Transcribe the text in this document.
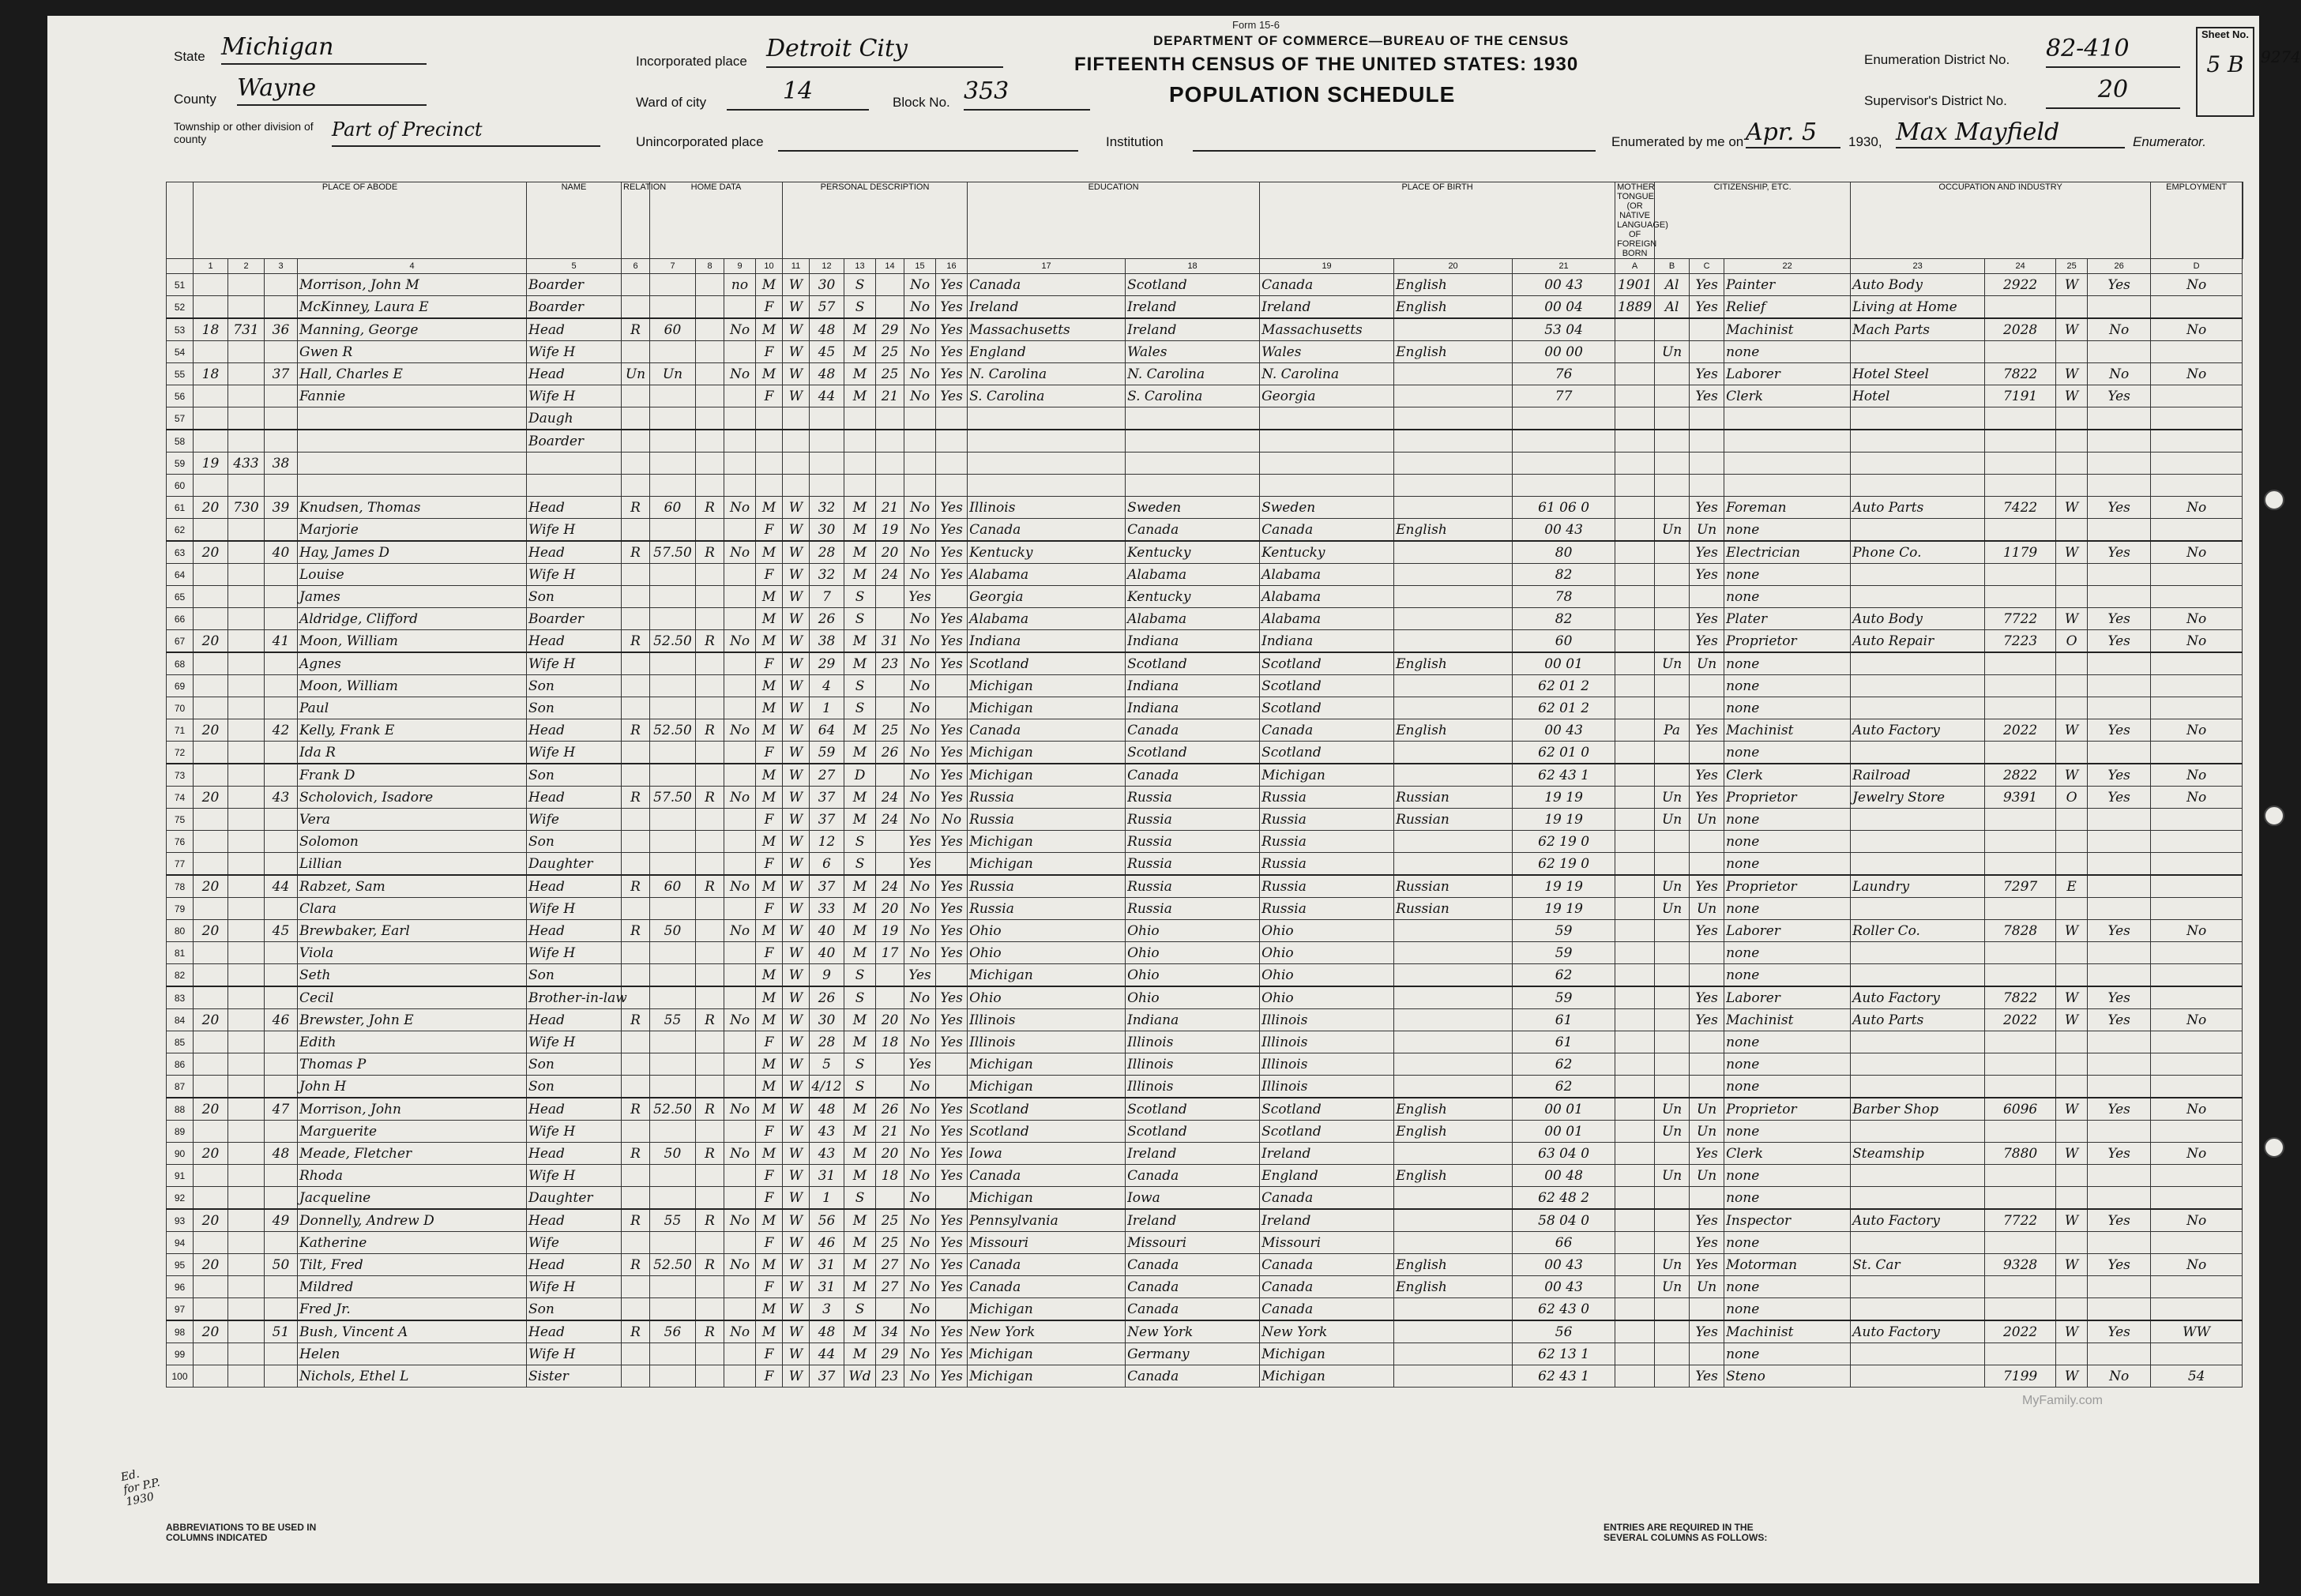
State Michigan
County Wayne
Township or other division of county	Part of Precinct
Incorporated place Detroit City
Ward of city	14	Block No. 353
Unincorporated place
Form 15-6
DEPARTMENT OF COMMERCE—BUREAU OF THE CENSUS
FIFTEENTH CENSUS OF THE UNITED STATES: 1930
POPULATION SCHEDULE
Institution
Enumeration District No. 82-410
Supervisor's District No.	20
Sheet No.
5 B	9274
Enumerated by me on Apr. 5	1930, Max Mayfield	Enumerator.
	PLACE OF ABODE				NAME	RELATION	HOME DATA				PERSONAL DESCRIPTION						EDUCATION		PLACE OF BIRTH			MOTHER TONGUE (OR NATIVE LANGUAGE) OF FOREIGN BORN	CITIZENSHIP, ETC.			OCCUPATION AND INDUSTRY				EMPLOYMENT	
	1	2	3	4	5	6	7	8	9	10	11	12	13	14	15	16	17	18	19	20	21	A	B	C	22	23	24	25	26	D	
51				Morrison, John M	Boarder				no	M	W	30	S		No	Yes	Canada	Scotland	Canada	English	00 43	1901	Al	Yes	Painter	Auto Body	2922	W	Yes	No	
52				McKinney, Laura E	Boarder					F	W	57	S		No	Yes	Ireland	Ireland	Ireland	English	00 04	1889	Al	Yes	Relief	Living at Home					
53	18	731	36	Manning, George	Head	R	60		No	M	W	48	M	29	No	Yes	Massachusetts	Ireland	Massachusetts		53 04				Machinist	Mach Parts	2028	W	No	No	
54				Gwen R	Wife H					F	W	45	M	25	No	Yes	England	Wales	Wales	English	00 00		Un		none						
55	18		37	Hall, Charles E	Head	Un	Un		No	M	W	48	M	25	No	Yes	N. Carolina	N. Carolina	N. Carolina		76			Yes	Laborer	Hotel Steel	7822	W	No	No	
56				Fannie	Wife H					F	W	44	M	21	No	Yes	S. Carolina	S. Carolina	Georgia		77			Yes	Clerk	Hotel	7191	W	Yes		
57					Daugh																										
58					Boarder																										
59	19	433	38																												
60																															
61	20	730	39	Knudsen, Thomas	Head	R	60	R	No	M	W	32	M	21	No	Yes	Illinois	Sweden	Sweden		61 06 0			Yes	Foreman	Auto Parts	7422	W	Yes	No	
62				Marjorie	Wife H					F	W	30	M	19	No	Yes	Canada	Canada	Canada	English	00 43		Un	Un	none						
63	20		40	Hay, James D	Head	R	57.50	R	No	M	W	28	M	20	No	Yes	Kentucky	Kentucky	Kentucky		80			Yes	Electrician	Phone Co.	1179	W	Yes	No	
64				Louise	Wife H					F	W	32	M	24	No	Yes	Alabama	Alabama	Alabama		82			Yes	none						
65				James	Son					M	W	7	S		Yes		Georgia	Kentucky	Alabama		78				none						
66				Aldridge, Clifford	Boarder					M	W	26	S		No	Yes	Alabama	Alabama	Alabama		82			Yes	Plater	Auto Body	7722	W	Yes	No	
67	20		41	Moon, William	Head	R	52.50	R	No	M	W	38	M	31	No	Yes	Indiana	Indiana	Indiana		60			Yes	Proprietor	Auto Repair	7223	O	Yes	No	
68				Agnes	Wife H					F	W	29	M	23	No	Yes	Scotland	Scotland	Scotland	English	00 01		Un	Un	none						
69				Moon, William	Son					M	W	4	S		No		Michigan	Indiana	Scotland		62 01 2				none						
70				Paul	Son					M	W	1	S		No		Michigan	Indiana	Scotland		62 01 2				none						
71	20		42	Kelly, Frank E	Head	R	52.50	R	No	M	W	64	M	25	No	Yes	Canada	Canada	Canada	English	00 43		Pa	Yes	Machinist	Auto Factory	2022	W	Yes	No	
72				Ida R	Wife H					F	W	59	M	26	No	Yes	Michigan	Scotland	Scotland		62 01 0				none						
73				Frank D	Son					M	W	27	D		No	Yes	Michigan	Canada	Michigan		62 43 1			Yes	Clerk	Railroad	2822	W	Yes	No	
74	20		43	Scholovich, Isadore	Head	R	57.50	R	No	M	W	37	M	24	No	Yes	Russia	Russia	Russia	Russian	19 19		Un	Yes	Proprietor	Jewelry Store	9391	O	Yes	No	
75				Vera	Wife					F	W	37	M	24	No	No	Russia	Russia	Russia	Russian	19 19		Un	Un	none						
76				Solomon	Son					M	W	12	S		Yes	Yes	Michigan	Russia	Russia		62 19 0				none						
77				Lillian	Daughter					F	W	6	S		Yes		Michigan	Russia	Russia		62 19 0				none						
78	20		44	Rabzet, Sam	Head	R	60	R	No	M	W	37	M	24	No	Yes	Russia	Russia	Russia	Russian	19 19		Un	Yes	Proprietor	Laundry	7297	E			
79				Clara	Wife H					F	W	33	M	20	No	Yes	Russia	Russia	Russia	Russian	19 19		Un	Un	none						
80	20		45	Brewbaker, Earl	Head	R	50		No	M	W	40	M	19	No	Yes	Ohio	Ohio	Ohio		59			Yes	Laborer	Roller Co.	7828	W	Yes	No	
81				Viola	Wife H					F	W	40	M	17	No	Yes	Ohio	Ohio	Ohio		59				none						
82				Seth	Son					M	W	9	S		Yes		Michigan	Ohio	Ohio		62				none						
83				Cecil	Brother-in-law					M	W	26	S		No	Yes	Ohio	Ohio	Ohio		59			Yes	Laborer	Auto Factory	7822	W	Yes		
84	20		46	Brewster, John E	Head	R	55	R	No	M	W	30	M	20	No	Yes	Illinois	Indiana	Illinois		61			Yes	Machinist	Auto Parts	2022	W	Yes	No	
85				Edith	Wife H					F	W	28	M	18	No	Yes	Illinois	Illinois	Illinois		61				none						
86				Thomas P	Son					M	W	5	S		Yes		Michigan	Illinois	Illinois		62				none						
87				John H	Son					M	W	4/12	S		No		Michigan	Illinois	Illinois		62				none						
88	20		47	Morrison, John	Head	R	52.50	R	No	M	W	48	M	26	No	Yes	Scotland	Scotland	Scotland	English	00 01		Un	Un	Proprietor	Barber Shop	6096	W	Yes	No	
89				Marguerite	Wife H					F	W	43	M	21	No	Yes	Scotland	Scotland	Scotland	English	00 01		Un	Un	none						
90	20		48	Meade, Fletcher	Head	R	50	R	No	M	W	43	M	20	No	Yes	Iowa	Ireland	Ireland		63 04 0			Yes	Clerk	Steamship	7880	W	Yes	No	
91				Rhoda	Wife H					F	W	31	M	18	No	Yes	Canada	Canada	England	English	00 48		Un	Un	none						
92				Jacqueline	Daughter					F	W	1	S		No		Michigan	Iowa	Canada		62 48 2				none						
93	20		49	Donnelly, Andrew D	Head	R	55	R	No	M	W	56	M	25	No	Yes	Pennsylvania	Ireland	Ireland		58 04 0			Yes	Inspector	Auto Factory	7722	W	Yes	No	
94				Katherine	Wife					F	W	46	M	25	No	Yes	Missouri	Missouri	Missouri		66			Yes	none						
95	20		50	Tilt, Fred	Head	R	52.50	R	No	M	W	31	M	27	No	Yes	Canada	Canada	Canada	English	00 43		Un	Yes	Motorman	St. Car	9328	W	Yes	No	
96				Mildred	Wife H					F	W	31	M	27	No	Yes	Canada	Canada	Canada	English	00 43		Un	Un	none						
97				Fred Jr.	Son					M	W	3	S		No		Michigan	Canada	Canada		62 43 0				none						
98	20		51	Bush, Vincent A	Head	R	56	R	No	M	W	48	M	34	No	Yes	New York	New York	New York		56			Yes	Machinist	Auto Factory	2022	W	Yes	WW	
99				Helen	Wife H					F	W	44	M	29	No	Yes	Michigan	Germany	Michigan		62 13 1				none						
100				Nichols, Ethel L	Sister					F	W	37	Wd	23	No	Yes	Michigan	Canada	Michigan		62 43 1			Yes	Steno		7199	W	No	54	
MyFamily.com
Ed. for P.P. 1930
ABBREVIATIONS TO BE USED IN COLUMNS INDICATED
ENTRIES ARE REQUIRED IN THE SEVERAL COLUMNS AS FOLLOWS:
